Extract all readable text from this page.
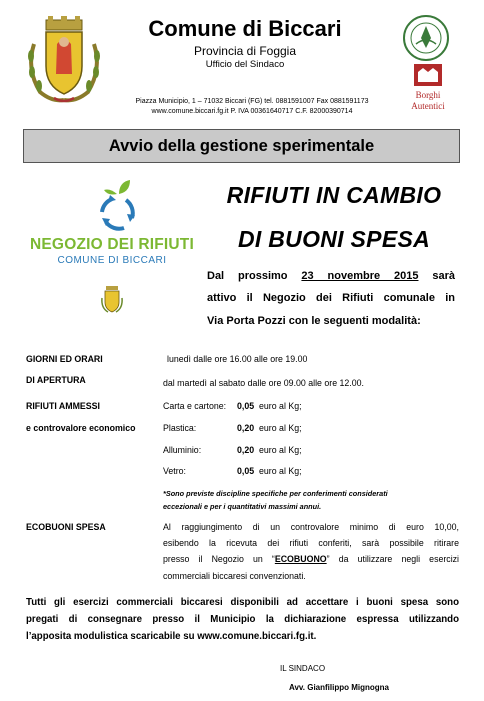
Comune di Biccari
Provincia di Foggia
Ufficio del Sindaco
Piazza Municipio, 1 – 71032 Biccari (FG) tel. 0881591007 Fax 0881591173
www.comune.biccari.fg.it P. IVA 00361640717 C.F. 82000390714
Borghi
Autentici
Avvio della gestione sperimentale
NEGOZIO DEI RIFIUTI
COMUNE DI BICCARI
RIFIUTI IN CAMBIO
DI BUONI SPESA
Dal prossimo 23 novembre 2015 sarà
attivo il Negozio dei Rifiuti comunale in
Via Porta Pozzi con le seguenti modalità:
GIORNI ED ORARI
DI APERTURA
lunedì dalle ore 16.00 alle ore 19.00
dal martedì al sabato dalle ore 09.00 alle ore 12.00.
RIFIUTI AMMESSI
e controvalore economico
Carta e cartone: 0,05 euro al Kg;
Plastica:	0,20 euro al Kg;
Alluminio:	0,20 euro al Kg;
Vetro:	0,05 euro al Kg;
*Sono previste discipline specifiche per conferimenti considerati
eccezionali e per i quantitativi massimi annui.
ECOBUONI SPESA	Al raggiungimento di un controvalore minimo di euro 10,00,
esibendo la ricevuta dei rifiuti conferiti, sarà possibile ritirare
presso il Negozio un “ECOBUONO” da utilizzare negli esercizi
commerciali biccaresi convenzionati.
Tutti gli esercizi commerciali biccaresi disponibili ad accettare i buoni spesa sono
pregati di consegnare presso il Municipio la dichiarazione espressa utilizzando
l’apposita modulistica scaricabile su www.comune.biccari.fg.it.
IL SINDACO
Avv. Gianfilippo Mignogna
